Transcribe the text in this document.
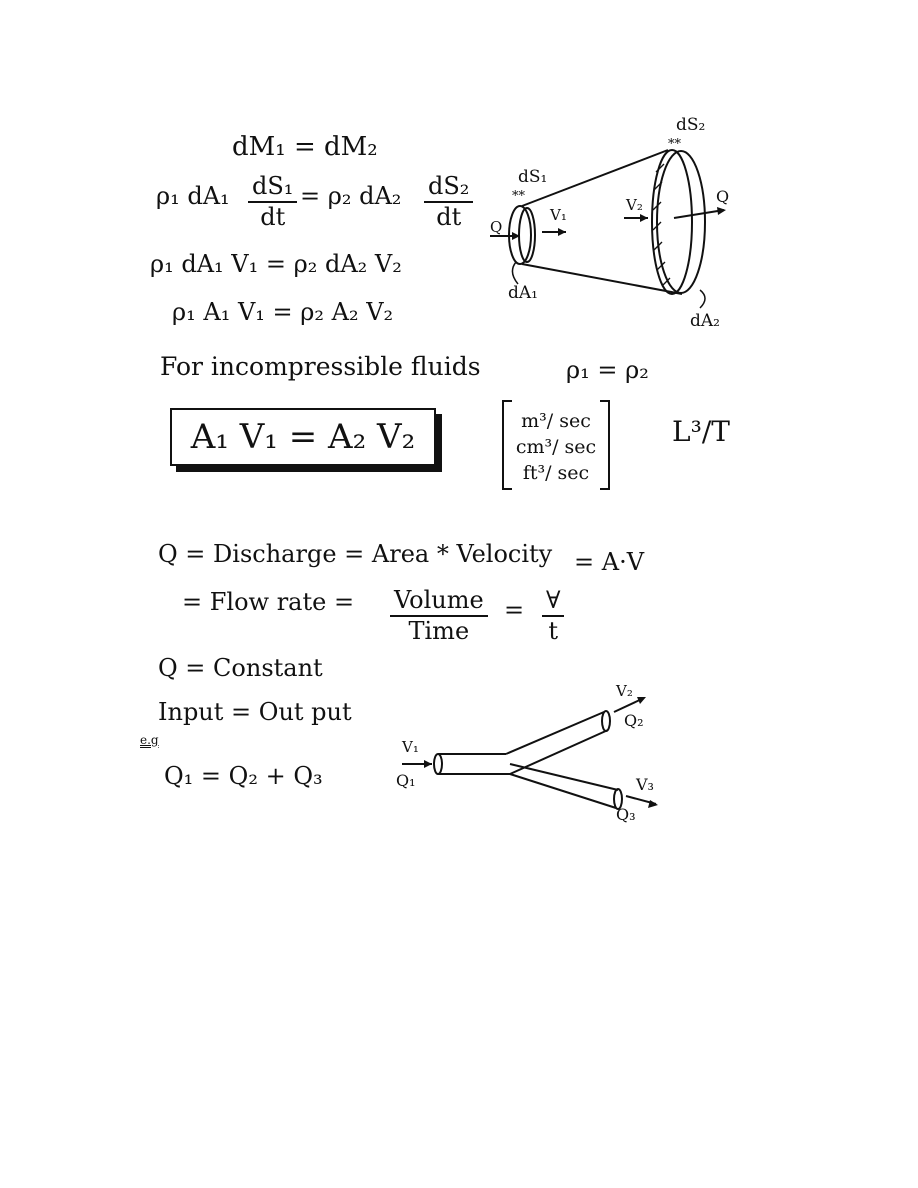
dM₁ = dM₂
ρ₁ $dA_1 \frac{\text{dS₁}}{dt} = \rho_2$ $dA_2 \frac{\text{dS₂}}{dt}$
ρ₁ dA₁ V₁ = ρ₂ dA₂ V₂
ρ₁ A₁ V₁ = ρ₂ A₂ V₂
For incompressible fluids	ρ₁ = ρ₂
A₁ V₁ = A₂ V₂	m³/ sec
cm³/ sec
ft³/ sec
L³/T
Q = Discharge = Area * Velocity = A·V
= Flow rate = Volume
Time
= ∀
t
Q = Constant
Input = Out put
e.g
Q₁ = Q₂ + Q₃
dS₂
**
dS₁
**
Q
V₁
V₂	Q
dA₁
dA₂
V₁
Q₁
V₂
Q₂
V₃
Q₃
